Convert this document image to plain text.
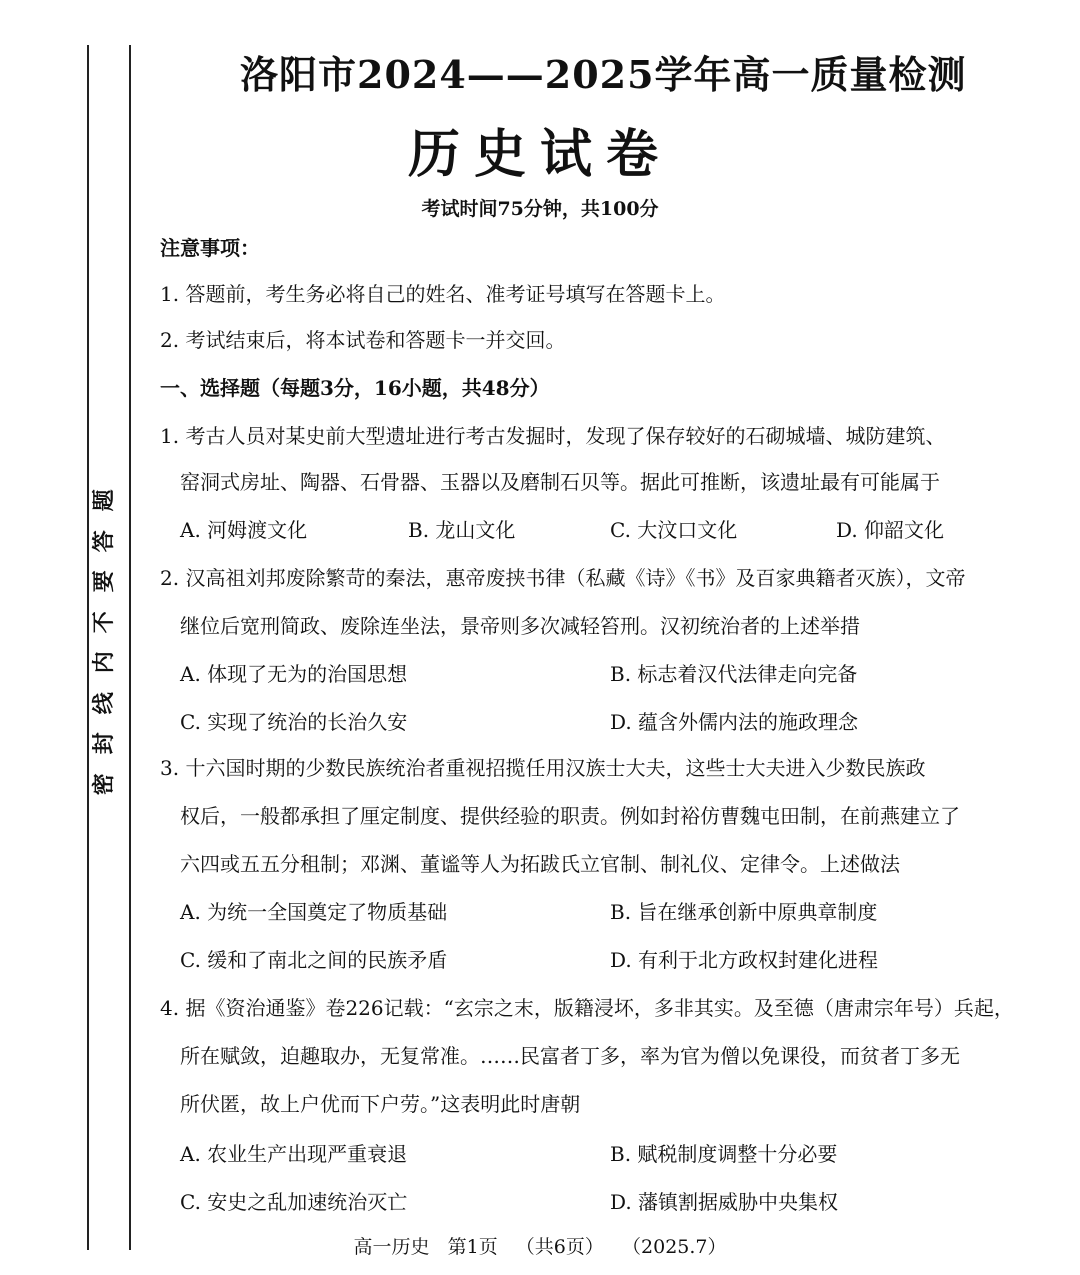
题
答
要
不
内
线
封
密
洛阳市2024——2025学年高一质量检测
历史试卷
考试时间75分钟，共100分
注意事项：
1. 答题前，考生务必将自己的姓名、准考证号填写在答题卡上。
2. 考试结束后，将本试卷和答题卡一并交回。
一、选择题（每题3分，16小题，共48分）
1. 考古人员对某史前大型遗址进行考古发掘时，发现了保存较好的石砌城墙、城防建筑、
窑洞式房址、陶器、石骨器、玉器以及磨制石贝等。据此可推断，该遗址最有可能属于
A. 河姆渡文化	B. 龙山文化	C. 大汶口文化	D. 仰韶文化
2. 汉高祖刘邦废除繁苛的秦法，惠帝废挟书律（私藏《诗》《书》及百家典籍者灭族），文帝
继位后宽刑简政、废除连坐法，景帝则多次减轻笞刑。汉初统治者的上述举措
A. 体现了无为的治国思想	B. 标志着汉代法律走向完备
C. 实现了统治的长治久安	D. 蕴含外儒内法的施政理念
3. 十六国时期的少数民族统治者重视招揽任用汉族士大夫，这些士大夫进入少数民族政
权后，一般都承担了厘定制度、提供经验的职责。例如封裕仿曹魏屯田制，在前燕建立了
六四或五五分租制；邓渊、董谧等人为拓跋氏立官制、制礼仪、定律令。上述做法
A. 为统一全国奠定了物质基础	B. 旨在继承创新中原典章制度
C. 缓和了南北之间的民族矛盾	D. 有利于北方政权封建化进程
4. 据《资治通鉴》卷226记载：“玄宗之末，版籍浸坏，多非其实。及至德（唐肃宗年号）兵起，
所在赋敛，迫趣取办，无复常准。……民富者丁多，率为官为僧以免课役，而贫者丁多无
所伏匿，故上户优而下户劳。”这表明此时唐朝
A. 农业生产出现严重衰退	B. 赋税制度调整十分必要
C. 安史之乱加速统治灭亡	D. 藩镇割据威胁中央集权
高一历史   第1页   （共6页）   （2025.7）
